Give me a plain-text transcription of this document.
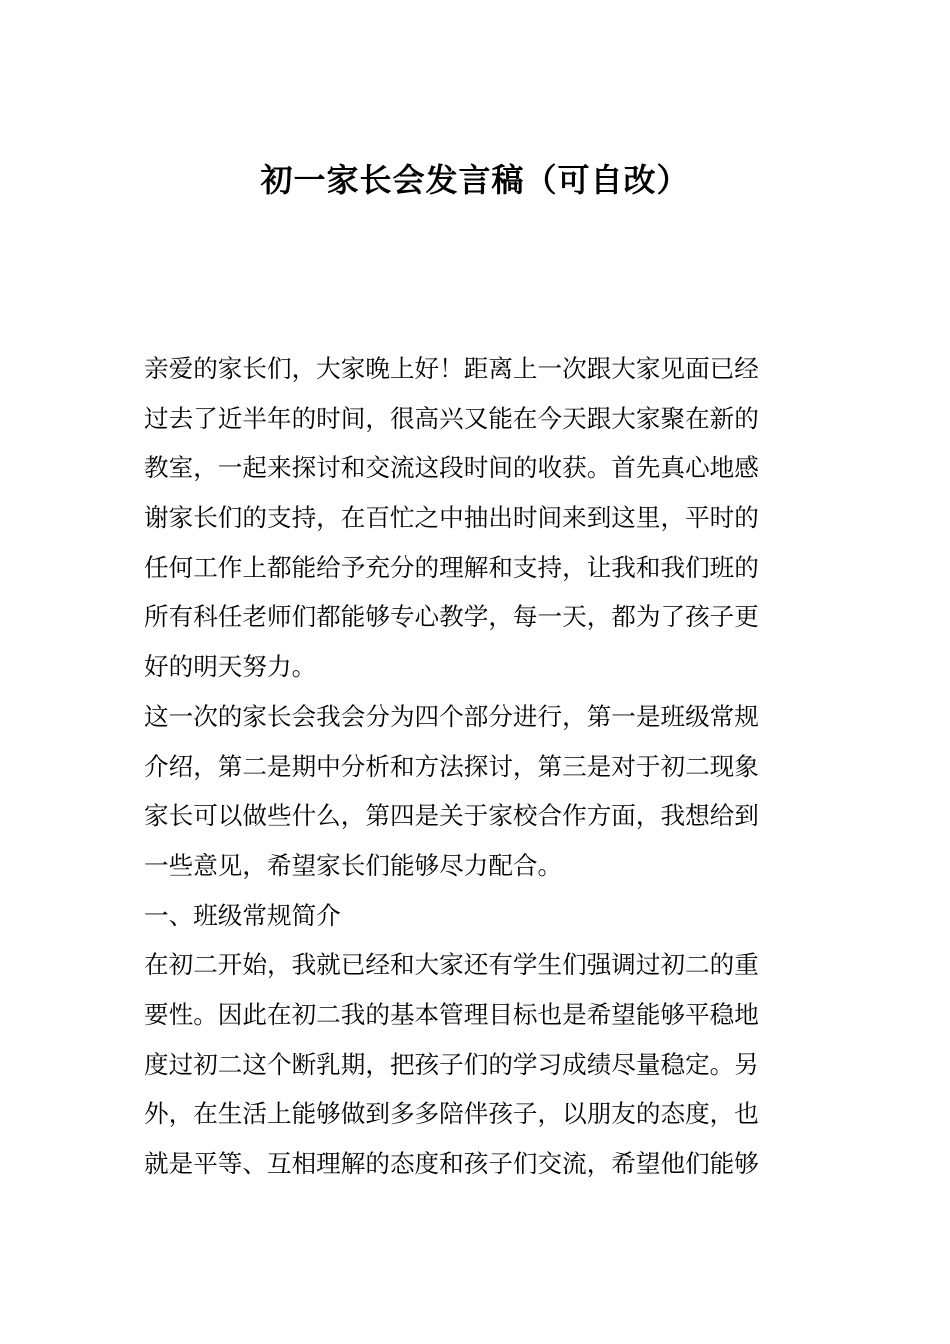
初一家长会发言稿（可自改）
亲爱的家长们，大家晚上好！距离上一次跟大家见面已经
过去了近半年的时间，很高兴又能在今天跟大家聚在新的
教室，一起来探讨和交流这段时间的收获。首先真心地感
谢家长们的支持，在百忙之中抽出时间来到这里，平时的
任何工作上都能给予充分的理解和支持，让我和我们班的
所有科任老师们都能够专心教学，每一天，都为了孩子更
好的明天努力。
这一次的家长会我会分为四个部分进行，第一是班级常规
介绍，第二是期中分析和方法探讨，第三是对于初二现象
家长可以做些什么，第四是关于家校合作方面，我想给到
一些意见，希望家长们能够尽力配合。
一、班级常规简介
在初二开始，我就已经和大家还有学生们强调过初二的重
要性。因此在初二我的基本管理目标也是希望能够平稳地
度过初二这个断乳期，把孩子们的学习成绩尽量稳定。另
外，在生活上能够做到多多陪伴孩子，以朋友的态度，也
就是平等、互相理解的态度和孩子们交流，希望他们能够
